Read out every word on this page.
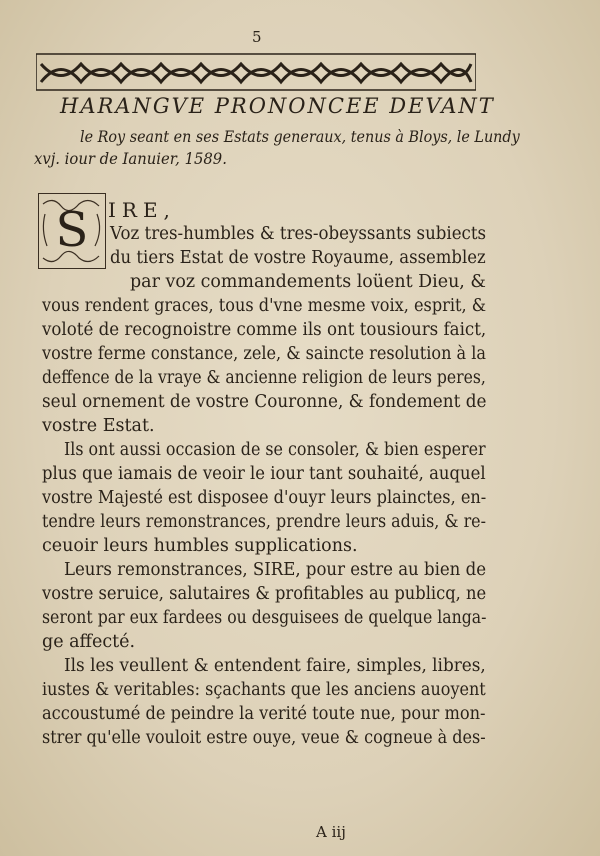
5
HARANGVE PRONONCEE DEVANT
le Roy seant en ses Estats generaux, tenus à Bloys, le Lundy
xvj. iour de Ianuier, 1589.
S IRE,
Voz tres-humbles & tres-obeyssants subiects
du tiers Estat de vostre Royaume, assemblez
par voz commandements loüent Dieu, &
vous rendent graces, tous d'vne mesme voix, esprit, &
voloté de recognoistre comme ils ont tousiours faict,
vostre ferme constance, zele, & saincte resolution à la
deffence de la vraye & ancienne religion de leurs peres,
seul ornement de vostre Couronne, & fondement de
vostre Estat.
Ils ont aussi occasion de se consoler, & bien esperer
plus que iamais de veoir le iour tant souhaité, auquel
vostre Majesté est disposee d'ouyr leurs plainctes, en-
tendre leurs remonstrances, prendre leurs aduis, & re-
ceuoir leurs humbles supplications.
Leurs remonstrances, SIRE, pour estre au bien de
vostre seruice, salutaires & profitables au publicq, ne
seront par eux fardees ou desguisees de quelque langa-
ge affecté.
Ils les veullent & entendent faire, simples, libres,
iustes & veritables: sçachants que les anciens auoyent
accoustumé de peindre la verité toute nue, pour mon-
strer qu'elle vouloit estre ouye, veue & cogneue à des-
A iij
